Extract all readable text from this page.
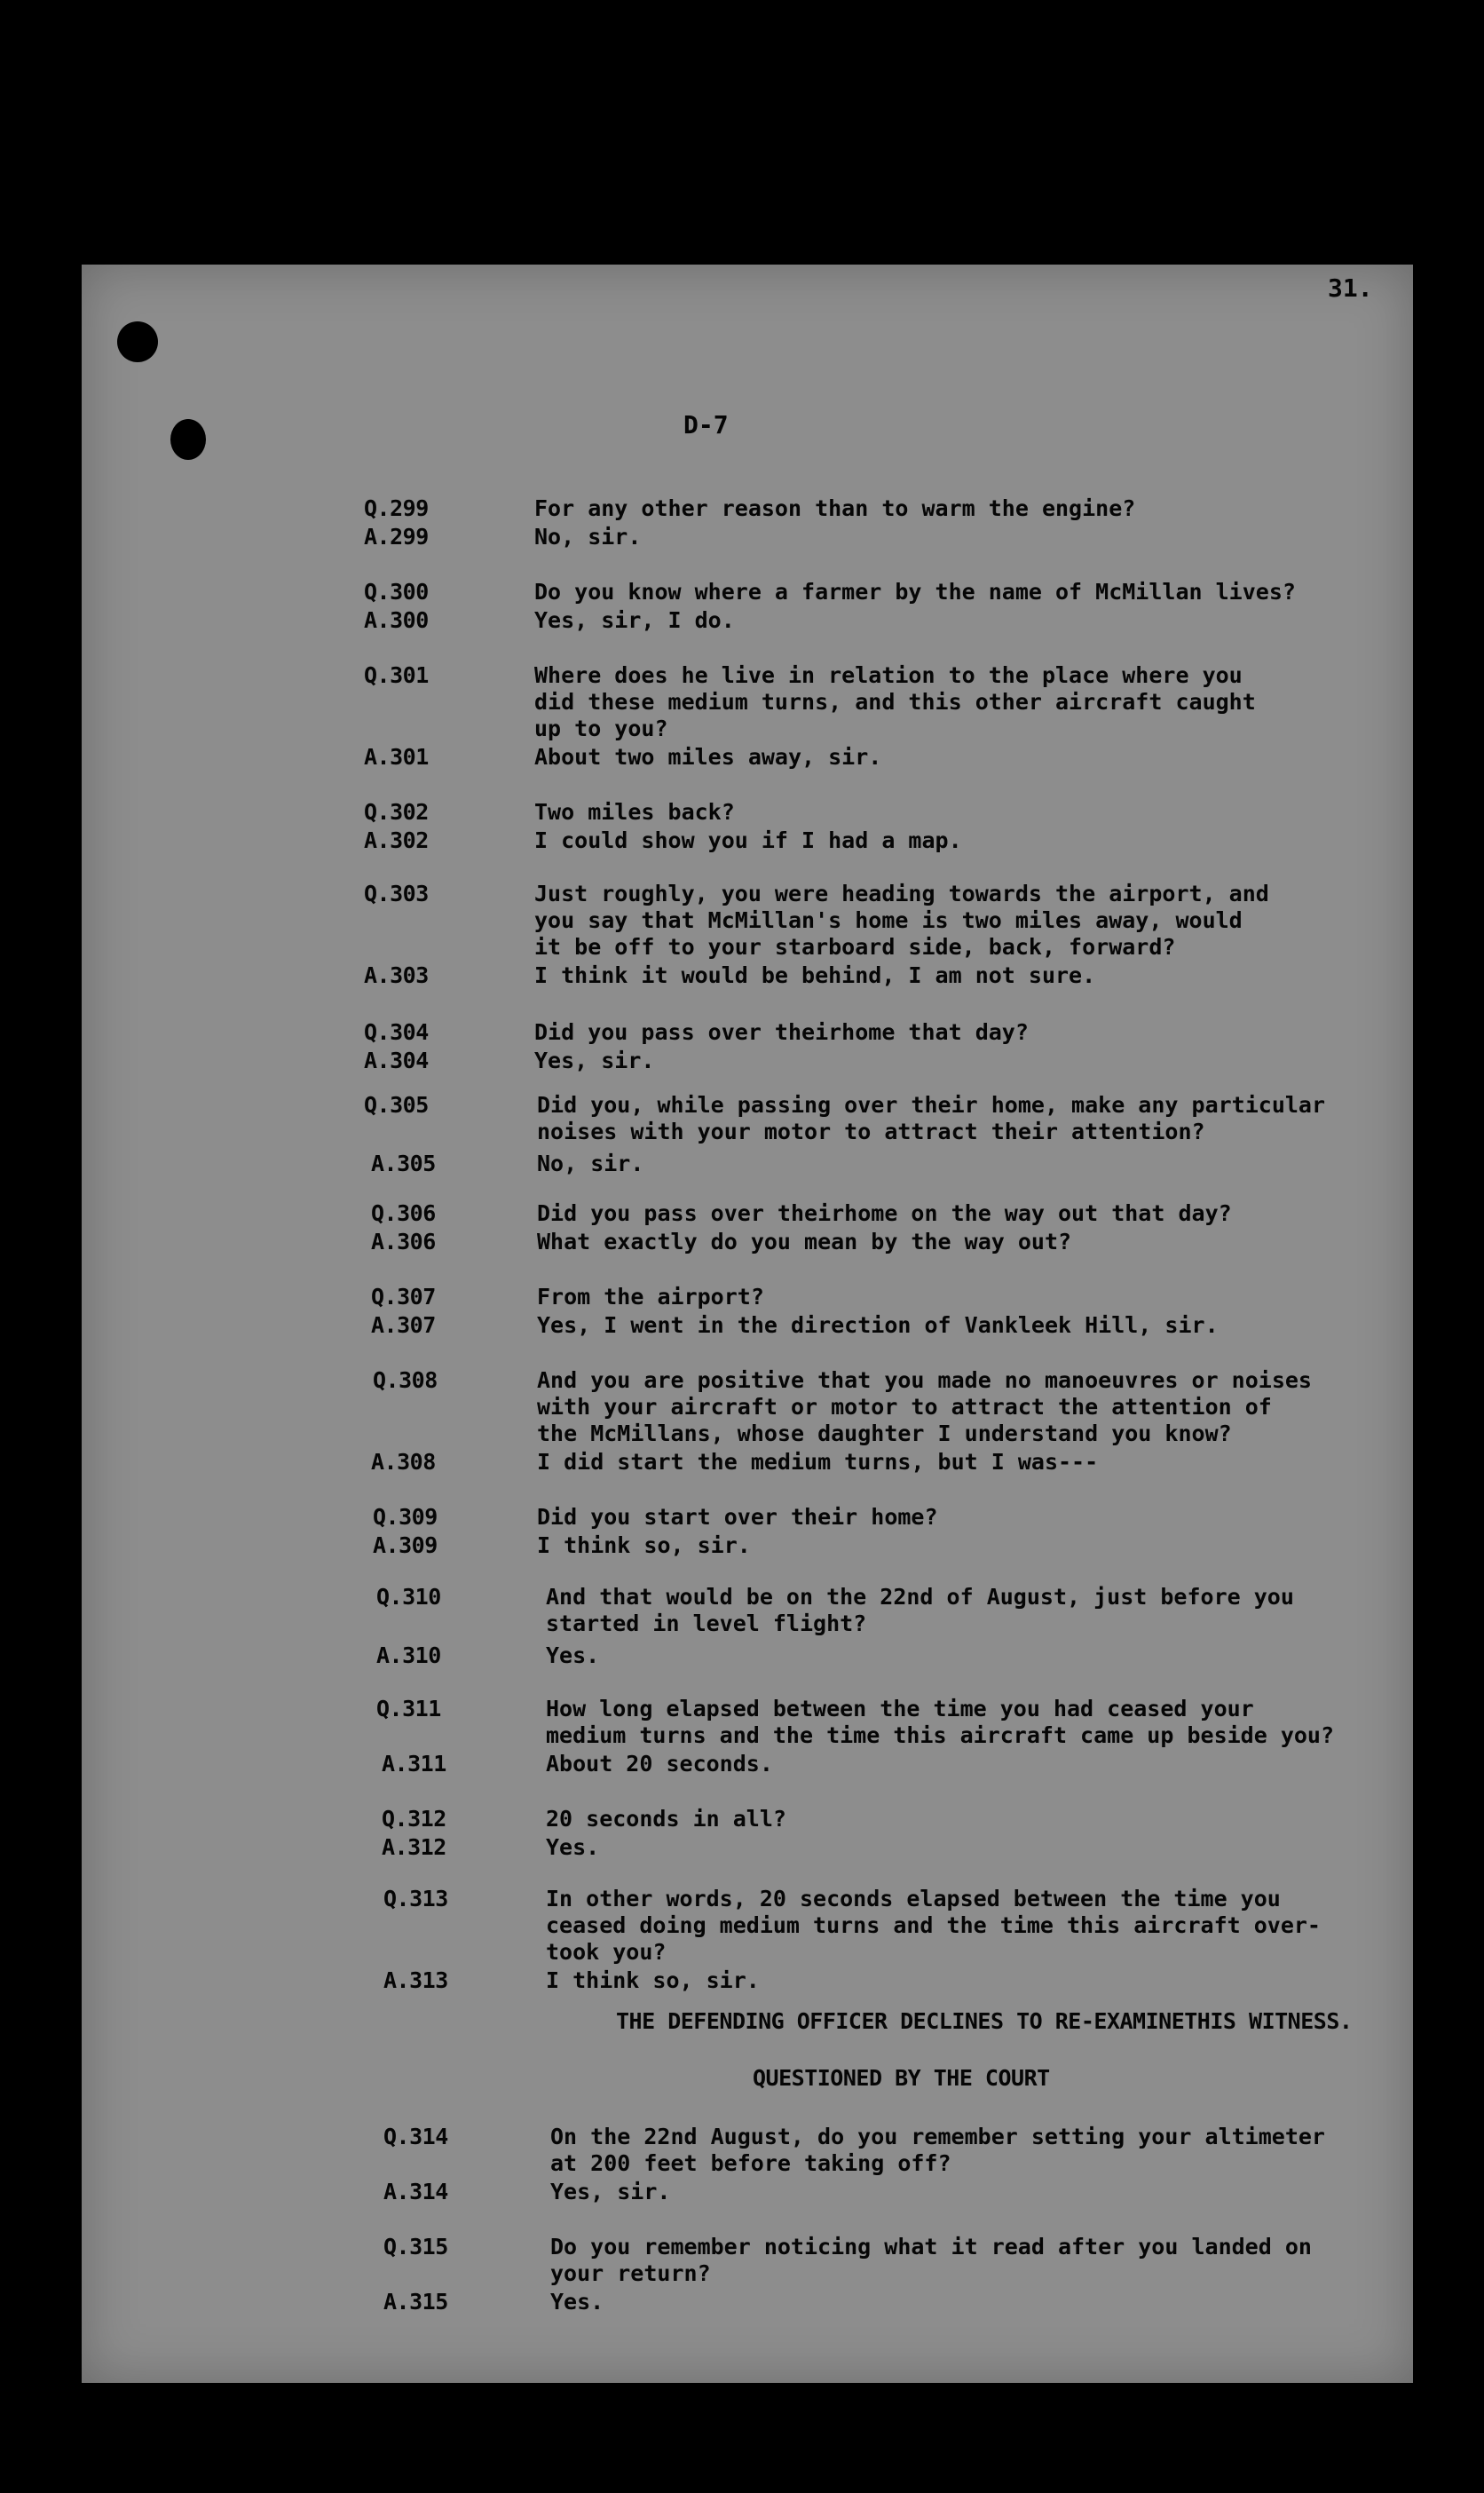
31.
D-7
Q.299	For any other reason than to warm the engine?
A.299	No, sir.
Q.300	Do you know where a farmer by the name of McMillan lives?
A.300	Yes, sir, I do.
Q.301	Where does he live in relation to the place where you
did these medium turns, and this other aircraft caught
up to you?
A.301	About two miles away, sir.
Q.302	Two miles back?
A.302	I could show you if I had a map.
Q.303	Just roughly, you were heading towards the airport, and
you say that McMillan's home is two miles away, would
it be off to your starboard side, back, forward?
A.303	I think it would be behind, I am not sure.
Q.304	Did you pass over theirhome that day?
A.304	Yes, sir.
Q.305	Did you, while passing over their home, make any particular
noises with your motor to attract their attention?
A.305	No, sir.
Q.306	Did you pass over theirhome on the way out that day?
A.306	What exactly do you mean by the way out?
Q.307	From the airport?
A.307	Yes, I went in the direction of Vankleek Hill, sir.
Q.308	And you are positive that you made no manoeuvres or noises
with your aircraft or motor to attract the attention of
the McMillans, whose daughter I understand you know?
A.308	I did start the medium turns, but I was---
Q.309	Did you start over their home?
A.309	I think so, sir.
Q.310	And that would be on the 22nd of August, just before you
started in level flight?
A.310	Yes.
Q.311	How long elapsed between the time you had ceased your
medium turns and the time this aircraft came up beside you?
A.311	About 20 seconds.
Q.312	20 seconds in all?
A.312	Yes.
Q.313	In other words, 20 seconds elapsed between the time you
ceased doing medium turns and the time this aircraft over-
took you?
A.313	I think so, sir.
Q.314	On the 22nd August, do you remember setting your altimeter
at 200 feet before taking off?
A.314	Yes, sir.
Q.315	Do you remember noticing what it read after you landed on
your return?
A.315	Yes.
THE DEFENDING OFFICER DECLINES TO RE-EXAMINETHIS WITNESS.
QUESTIONED BY THE COURT
